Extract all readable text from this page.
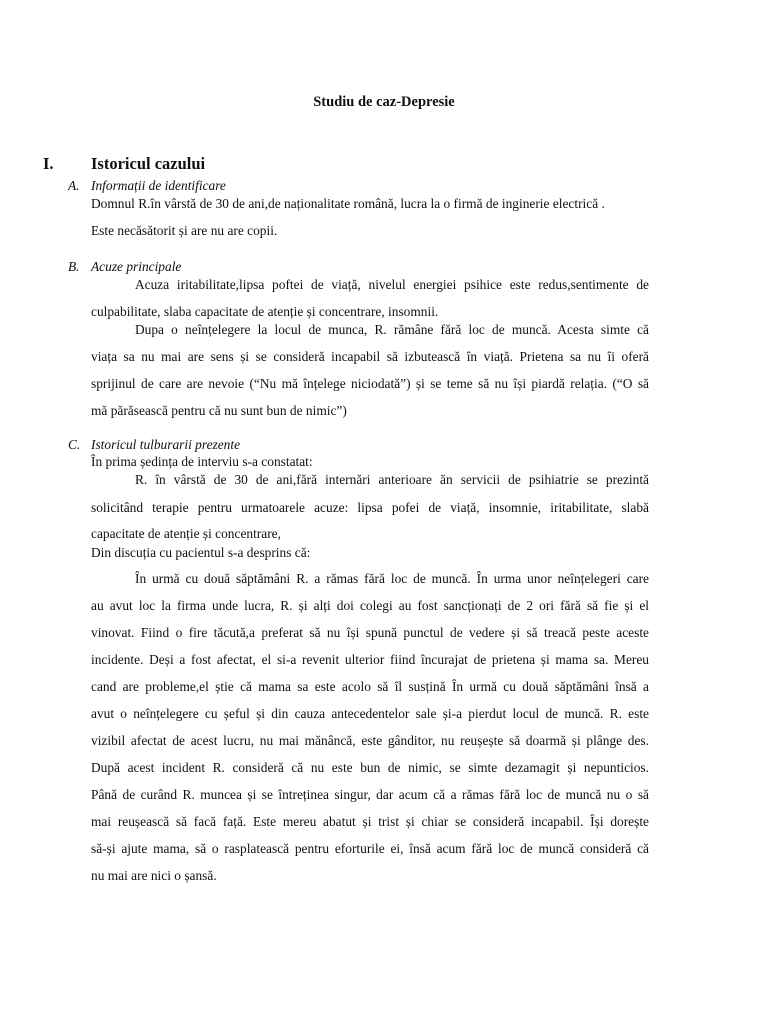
Studiu de caz-Depresie
I. Istoricul cazului
A. Informații de identificare
Domnul R.în vârstă de 30 de ani,de naționalitate română, lucra la o firmă de inginerie electrică .
Este necăsătorit și are nu are copii.
B. Acuze principale
Acuza iritabilitate,lipsa poftei de viață, nivelul energiei psihice este redus,sentimente de
culpabilitate, slaba capacitate de atenție și concentrare, insomnii.
Dupa o neînțelegere la locul de munca, R. rămâne fără loc de muncă. Acesta simte că
viața sa nu mai are sens și se consideră incapabil să izbutească în viață. Prietena sa nu îi oferă
sprijinul de care are nevoie (“Nu mă înțelege niciodată”) și se teme să nu își piardă relația. (“O să
mă părăsească pentru că nu sunt bun de nimic”)
C. Istoricul tulburarii prezente
În prima ședința de interviu s-a constatat:
R. în vârstă de 30 de ani,fără internări anterioare ăn servicii de psihiatrie se prezintă
solicitând terapie pentru urmatoarele acuze: lipsa pofei de viață, insomnie, iritabilitate, slabă
capacitate de atenție și concentrare,
Din discuția cu pacientul s-a desprins că:
În urmă cu două săptămâni R. a rămas fără loc de muncă. În urma unor neînțelegeri care
au avut loc la firma unde lucra, R. și alți doi colegi au fost sancționați de 2 ori fără să fie și el
vinovat. Fiind o fire tăcută,a preferat să nu își spună punctul de vedere și să treacă peste aceste
incidente. Deși a fost afectat, el si-a revenit ulterior fiind încurajat de prietena și mama sa. Mereu
cand are probleme,el știe că mama sa este acolo să îl susțină În urmă cu două săptămâni însă a
avut o neînțelegere cu șeful și din cauza antecedentelor sale și-a pierdut locul de muncă. R. este
vizibil afectat de acest lucru, nu mai mănâncă, este gânditor, nu reușește să doarmă și plânge des.
După acest incident R. consideră că nu este bun de nimic, se simte dezamagit și nepunticios.
Până de curând R. muncea și se întreținea singur, dar acum că a rămas fără loc de muncă nu o să
mai reușească să facă față. Este mereu abatut și trist și chiar se consideră incapabil. Își dorește
să-și ajute mama, să o rasplatească pentru eforturile ei, însă acum fără loc de muncă consideră că
nu mai are nici o șansă.
